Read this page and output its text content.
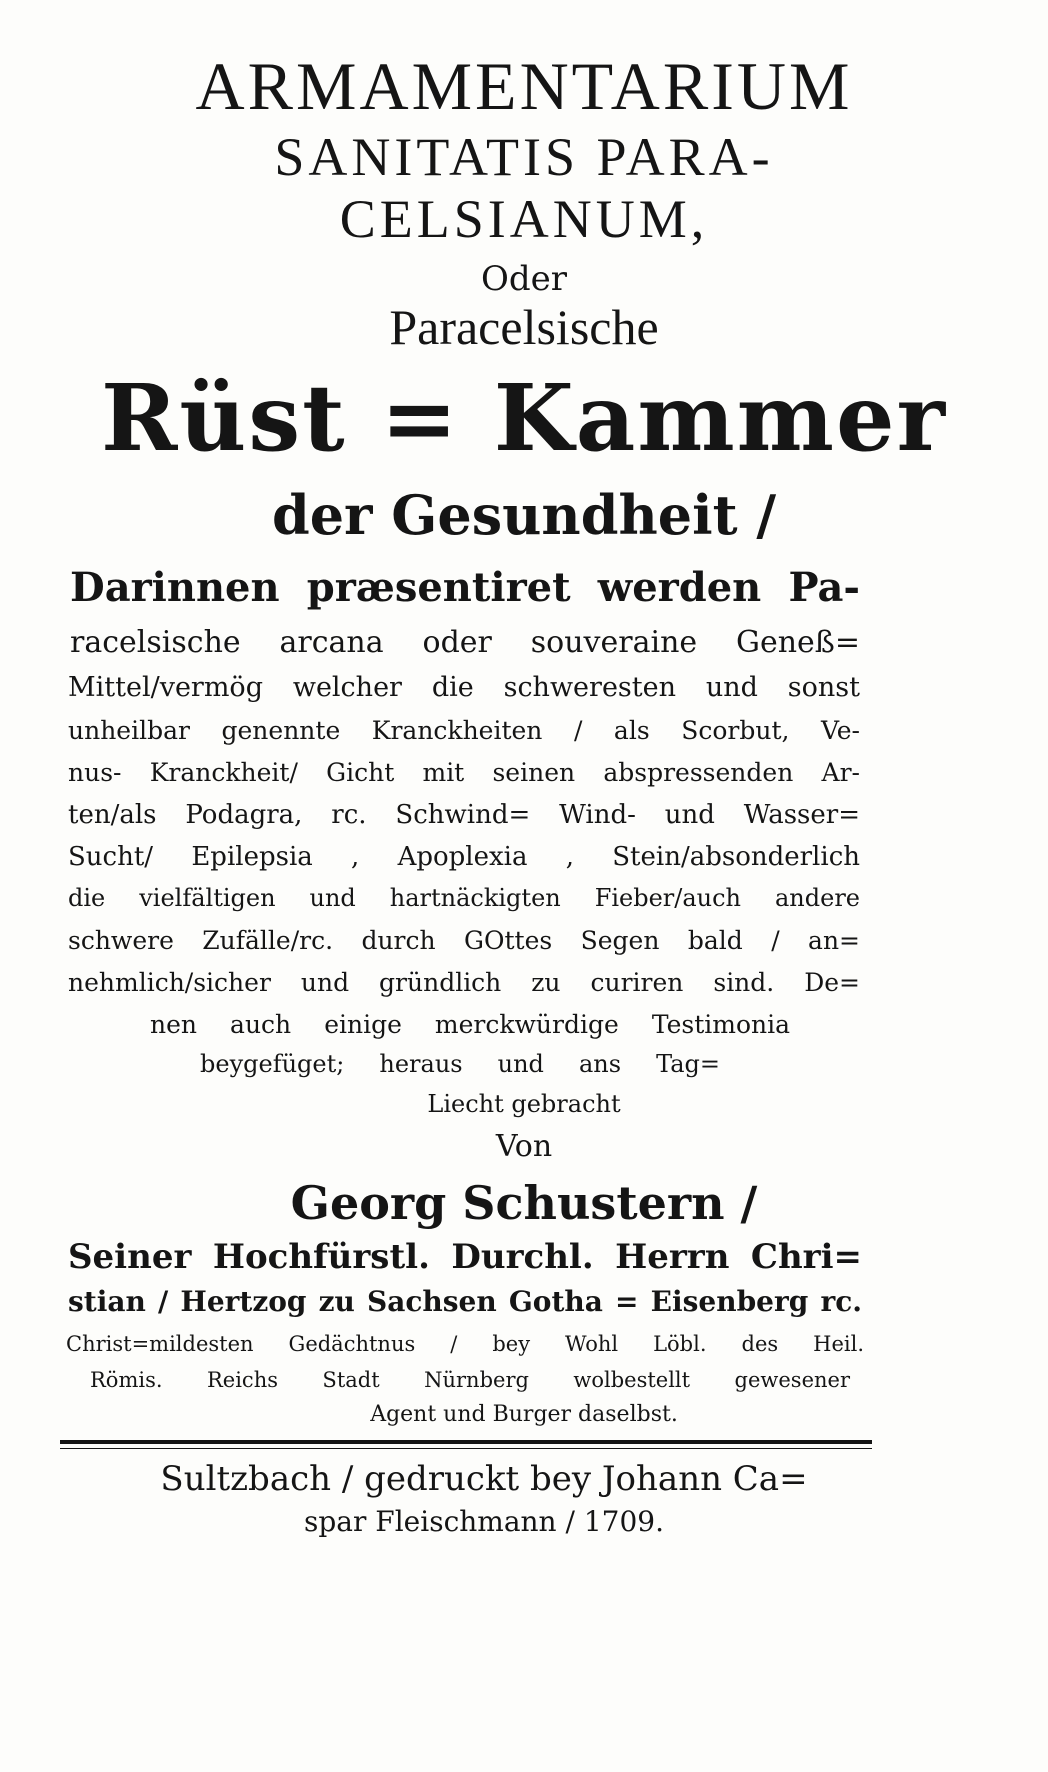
ARMAMENTARIUM
SANITATIS PARA-
CELSIANUM,
Oder
Paracelsische
Rüst = Kammer
der Gesundheit /
Darinnen præsentiret werden Pa-
racelsische arcana oder souveraine Geneß=
Mittel/vermög welcher die schweresten und sonst
unheilbar genennte Kranckheiten / als Scorbut, Ve-
nus- Kranckheit/ Gicht mit seinen abspressenden Ar-
ten/als Podagra, rc. Schwind= Wind- und Wasser=
Sucht/ Epilepsia , Apoplexia , Stein/absonderlich
die vielfältigen und hartnäckigten Fieber/auch andere
schwere Zufälle/rc. durch GOttes Segen bald / an=
nehmlich/sicher und gründlich zu curiren sind. De=
nen auch einige merckwürdige Testimonia
beygefüget; heraus und ans Tag=
Liecht gebracht
Von
Georg Schustern /
Seiner Hochfürstl. Durchl. Herrn Chri=
stian / Hertzog zu Sachsen Gotha = Eisenberg rc.
Christ=mildesten Gedächtnus / bey Wohl Löbl. des Heil.
Römis. Reichs Stadt Nürnberg wolbestellt gewesener
Agent und Burger daselbst.
Sultzbach / gedruckt bey Johann Ca=
spar Fleischmann / 1709.
